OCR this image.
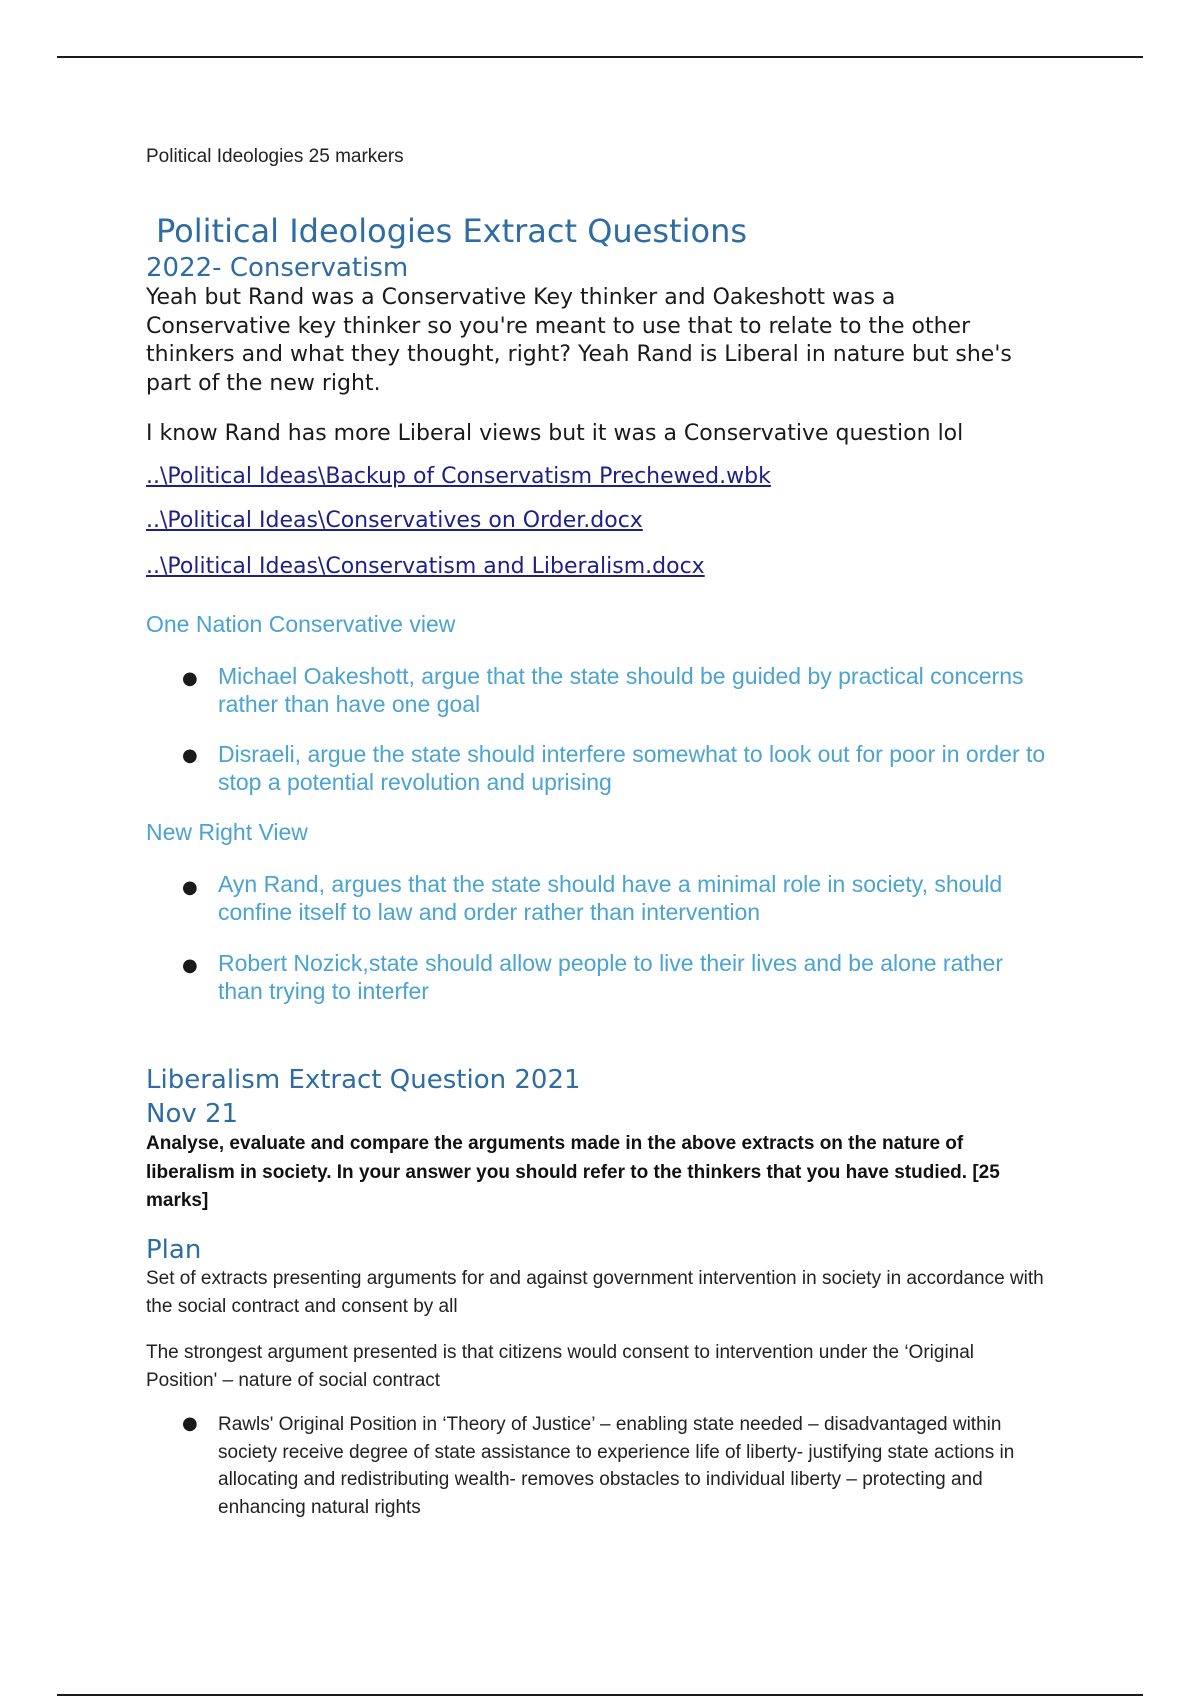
Political Ideologies 25 markers

Political Ideologies Extract Questions
2022- Conservatism

Yeah but Rand was a Conservative Key thinker and Oakeshott was a Conservative key thinker so you're meant to use that to relate to the other thinkers and what they thought, right? Yeah Rand is Liberal in nature but she's part of the new right.

I know Rand has more Liberal views but it was a Conservative question lol

..\Political Ideas\Backup of Conservatism Prechewed.wbk
..\Political Ideas\Conservatives on Order.docx
..\Political Ideas\Conservatism and Liberalism.docx
One Nation Conservative view
● Michael Oakeshott, argue that the state should be guided by practical concerns rather than have one goal
● Disraeli, argue the state should interfere somewhat to look out for poor in order to stop a potential revolution and uprising
New Right View
● Ayn Rand, argues that the state should have a minimal role in society, should confine itself to law and order rather than intervention
● Robert Nozick,state should allow people to live their lives and be alone rather than trying to interfer
Liberalism Extract Question 2021
Nov 21

Analyse, evaluate and compare the arguments made in the above extracts on the nature of liberalism in society. In your answer you should refer to the thinkers that you have studied. [25 marks]

Plan

Set of extracts presenting arguments for and against government intervention in society in accordance with the social contract and consent by all

The strongest argument presented is that citizens would consent to intervention under the ‘Original Position' – nature of social contract

● Rawls' Original Position in ‘Theory of Justice’ – enabling state needed – disadvantaged within society receive degree of state assistance to experience life of liberty- justifying state actions in allocating and redistributing wealth- removes obstacles to individual liberty – protecting and enhancing natural rights
